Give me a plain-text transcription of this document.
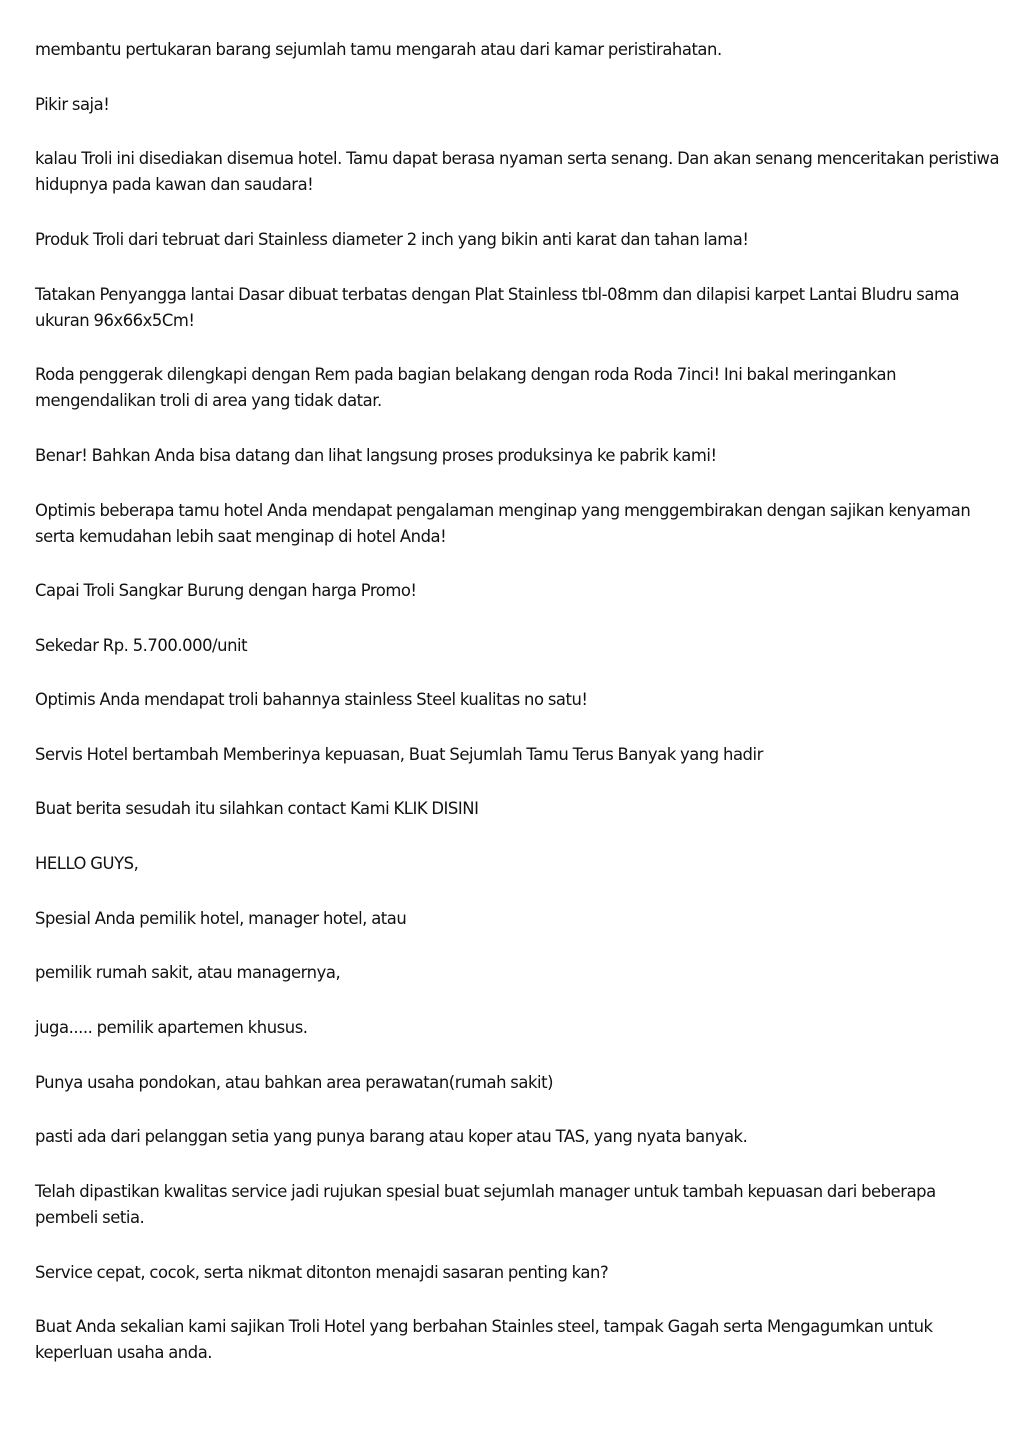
membantu pertukaran barang sejumlah tamu mengarah atau dari kamar peristirahatan.

Pikir saja!

kalau Troli ini disediakan disemua hotel. Tamu dapat berasa nyaman serta senang. Dan akan senang menceritakan peristiwa hidupnya pada kawan dan saudara!

Produk Troli dari tebruat dari Stainless diameter 2 inch yang bikin anti karat dan tahan lama!

Tatakan Penyangga lantai Dasar dibuat terbatas dengan Plat Stainless tbl-08mm dan dilapisi karpet Lantai Bludru sama ukuran 96x66x5Cm!

Roda penggerak dilengkapi dengan Rem pada bagian belakang dengan roda Roda 7inci! Ini bakal meringankan mengendalikan troli di area yang tidak datar.

Benar! Bahkan Anda bisa datang dan lihat langsung proses produksinya ke pabrik kami!

Optimis beberapa tamu hotel Anda mendapat pengalaman menginap yang menggembirakan dengan sajikan kenyaman serta kemudahan lebih saat menginap di hotel Anda!

Capai Troli Sangkar Burung dengan harga Promo!

Sekedar Rp. 5.700.000/unit

Optimis Anda mendapat troli bahannya stainless Steel kualitas no satu!

Servis Hotel bertambah Memberinya kepuasan, Buat Sejumlah Tamu Terus Banyak yang hadir

Buat berita sesudah itu silahkan contact Kami KLIK DISINI

HELLO GUYS,

Spesial Anda pemilik hotel, manager hotel, atau

pemilik rumah sakit, atau managernya,

juga..... pemilik apartemen khusus.

Punya usaha pondokan, atau bahkan area perawatan(rumah sakit)

pasti ada dari pelanggan setia yang punya barang atau koper atau TAS, yang nyata banyak.

Telah dipastikan kwalitas service jadi rujukan spesial buat sejumlah manager untuk tambah kepuasan dari beberapa pembeli setia.

Service cepat, cocok, serta nikmat ditonton menajdi sasaran penting kan?

Buat Anda sekalian kami sajikan Troli Hotel yang berbahan Stainles steel, tampak Gagah serta Mengagumkan untuk keperluan usaha anda.
